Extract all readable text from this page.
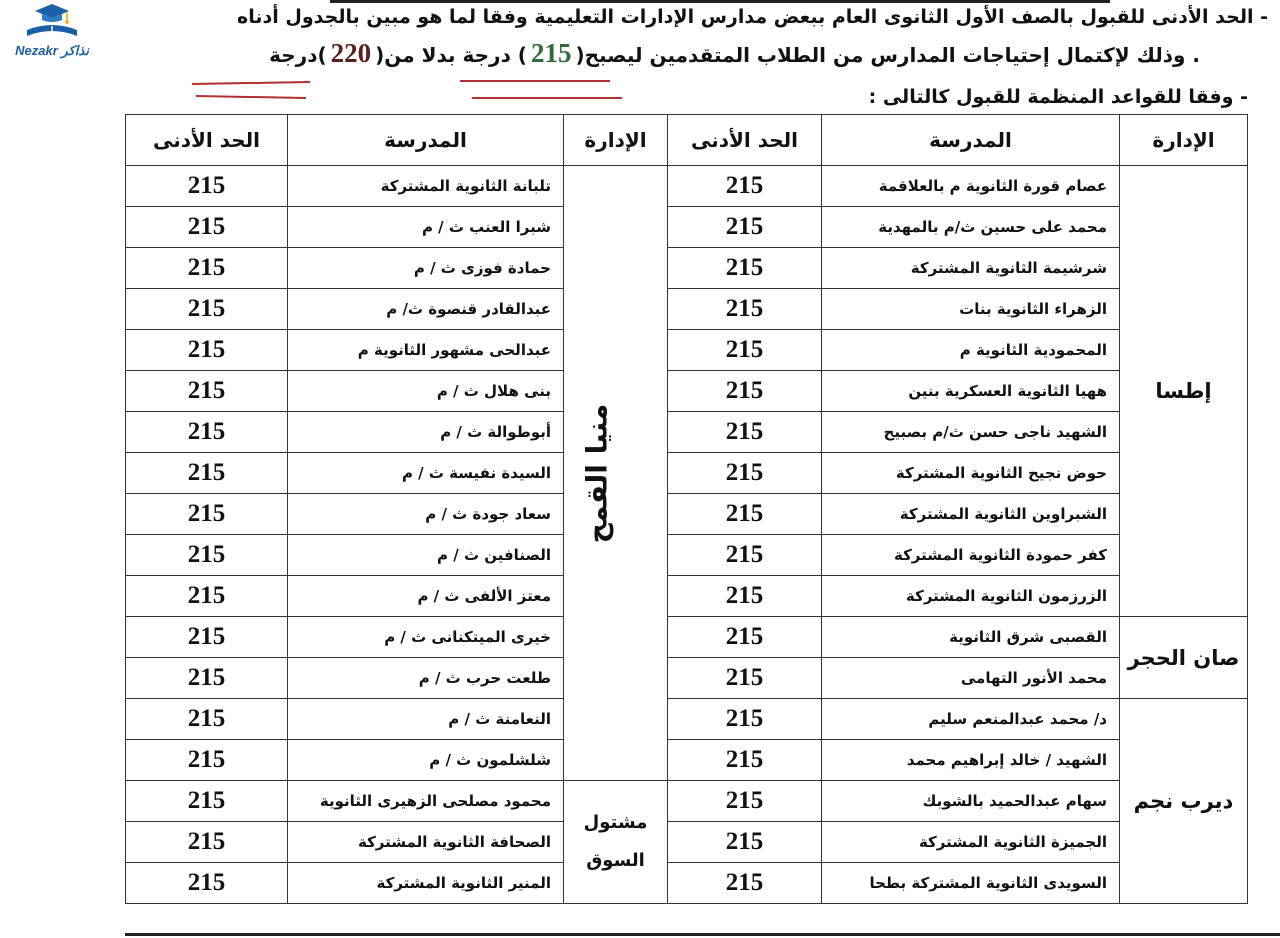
Nezakr نذاكر
- الحد الأدنى للقبول بالصف الأول الثانوى العام ببعض مدارس الإدارات التعليمية وفقا لما هو مبين بالجدول أدناه
. وذلك لإكتمال إحتياجات المدارس من الطلاب المتقدمين ليصبح(215) درجة بدلا من(220)درجة
- وفقا للقواعد المنظمة للقبول كالتالى :
الإدارة	المدرسة	الحد الأدنى	الإدارة	المدرسة	الحد الأدنى
إطسا	عصام قورة الثانوية م بالعلاقمة	215	منيا القمح	تلبانة الثانوية المشتركة	215
	محمد على حسين ث/م بالمهدية	215		شبرا العنب ث / م	215
	شرشيمة الثانوية المشتركة	215		حمادة فوزى ث / م	215
	الزهراء الثانوية بنات	215		عبدالقادر قنصوة ث/ م	215
	المحمودية الثانوية م	215		عبدالحى مشهور الثانوية م	215
	ههيا الثانوية العسكرية بنين	215		بنى هلال ث / م	215
	الشهيد ناجى حسن ث/م بصبيح	215		أبوطوالة ث / م	215
	حوض نجيح الثانوية المشتركة	215		السيدة نفيسة ث / م	215
	الشبراوين الثانوية المشتركة	215		سعاد جودة ث / م	215
	كفر حمودة الثانوية المشتركة	215		الصنافين ث / م	215
	الزرزمون الثانوية المشتركة	215		معتز الألفى ث / م	215
صان الحجر	القصبى شرق الثانوية	215		خيرى الميتكنانى ث / م	215
	محمد الأنور التهامى	215		طلعت حرب ث / م	215
ديرب نجم	د/ محمد عبدالمنعم سليم	215		النعامنة ث / م	215
	الشهيد / خالد إبراهيم محمد	215		شلشلمون ث / م	215
	سهام عبدالحميد بالشوبك	215	مشتول السوق	محمود مصلحى الزهيرى الثانوية	215
	الجميزة الثانوية المشتركة	215		الصحافة الثانوية المشتركة	215
	السويدى الثانوية المشتركة بطحا	215		المنير الثانوية المشتركة	215
